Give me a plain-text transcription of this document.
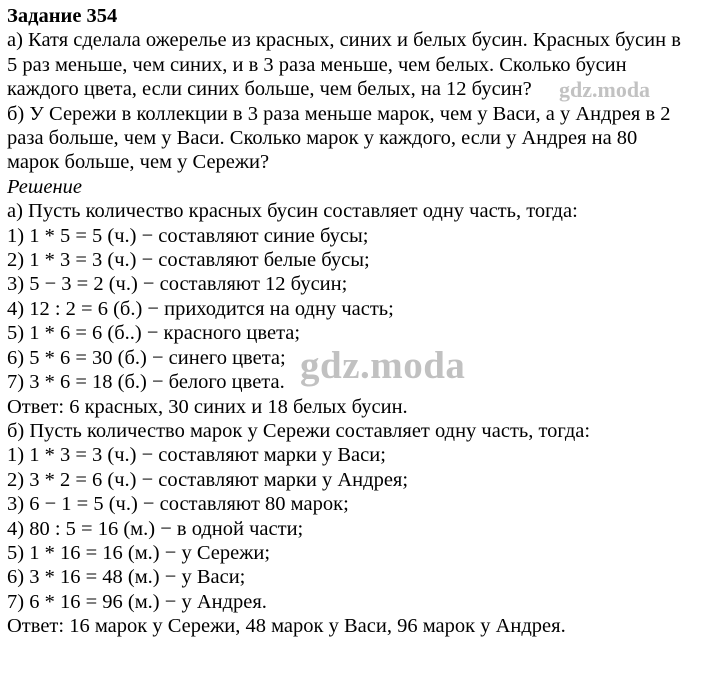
Задание 354
а) Катя сделала ожерелье из красных, синих и белых бусин. Красных бусин в
5 раз меньше, чем синих, и в 3 раза меньше, чем белых. Сколько бусин
каждого цвета, если синих больше, чем белых, на 12 бусин?
б) У Сережи в коллекции в 3 раза меньше марок, чем у Васи, а у Андрея в 2
раза больше, чем у Васи. Сколько марок у каждого, если у Андрея на 80
марок больше, чем у Сережи?
Решение
а) Пусть количество красных бусин составляет одну часть, тогда:
1) 1 * 5 = 5 (ч.) − составляют синие бусы;
2) 1 * 3 = 3 (ч.) − составляют белые бусы;
3) 5 − 3 = 2 (ч.) − составляют 12 бусин;
4) 12 : 2 = 6 (б.) − приходится на одну часть;
5) 1 * 6 = 6 (б..) − красного цвета;
6) 5 * 6 = 30 (б.) − синего цвета;
7) 3 * 6 = 18 (б.) − белого цвета.
Ответ: 6 красных, 30 синих и 18 белых бусин.
б) Пусть количество марок у Сережи составляет одну часть, тогда:
1) 1 * 3 = 3 (ч.) − составляют марки у Васи;
2) 3 * 2 = 6 (ч.) − составляют марки у Андрея;
3) 6 − 1 = 5 (ч.) − составляют 80 марок;
4) 80 : 5 = 16 (м.) − в одной части;
5) 1 * 16 = 16 (м.) − у Сережи;
6) 3 * 16 = 48 (м.) − у Васи;
7) 6 * 16 = 96 (м.) − у Андрея.
Ответ: 16 марок у Сережи, 48 марок у Васи, 96 марок у Андрея.
gdz.moda
gdz.moda
